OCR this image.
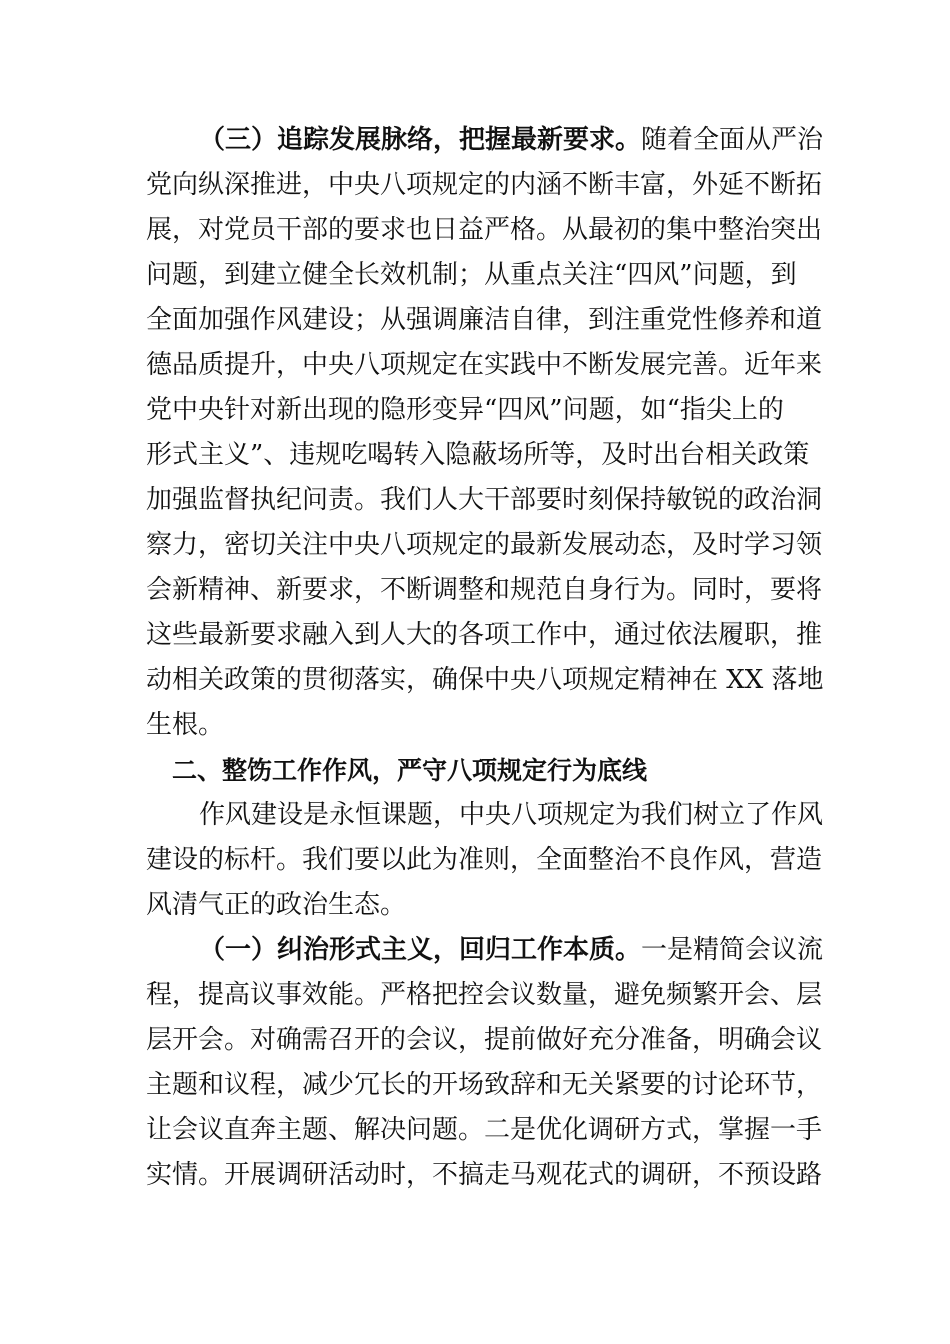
（三）追踪发展脉络，把握最新要求。随着全面从严治
党向纵深推进，中央八项规定的内涵不断丰富，外延不断拓
展，对党员干部的要求也日益严格。从最初的集中整治突出
问题，到建立健全长效机制；从重点关注“四风”问题，到
全面加强作风建设；从强调廉洁自律，到注重党性修养和道
德品质提升，中央八项规定在实践中不断发展完善。近年来
党中央针对新出现的隐形变异“四风”问题，如“指尖上的
形式主义”、违规吃喝转入隐蔽场所等，及时出台相关政策
加强监督执纪问责。我们人大干部要时刻保持敏锐的政治洞
察力，密切关注中央八项规定的最新发展动态，及时学习领
会新精神、新要求，不断调整和规范自身行为。同时，要将
这些最新要求融入到人大的各项工作中，通过依法履职，推
动相关政策的贯彻落实，确保中央八项规定精神在 XX 落地
生根。
二、整饬工作作风，严守八项规定行为底线
作风建设是永恒课题，中央八项规定为我们树立了作风
建设的标杆。我们要以此为准则，全面整治不良作风，营造
风清气正的政治生态。
（一）纠治形式主义，回归工作本质。一是精简会议流
程，提高议事效能。严格把控会议数量，避免频繁开会、层
层开会。对确需召开的会议，提前做好充分准备，明确会议
主题和议程，减少冗长的开场致辞和无关紧要的讨论环节，
让会议直奔主题、解决问题。二是优化调研方式，掌握一手
实情。开展调研活动时，不搞走马观花式的调研，不预设路
